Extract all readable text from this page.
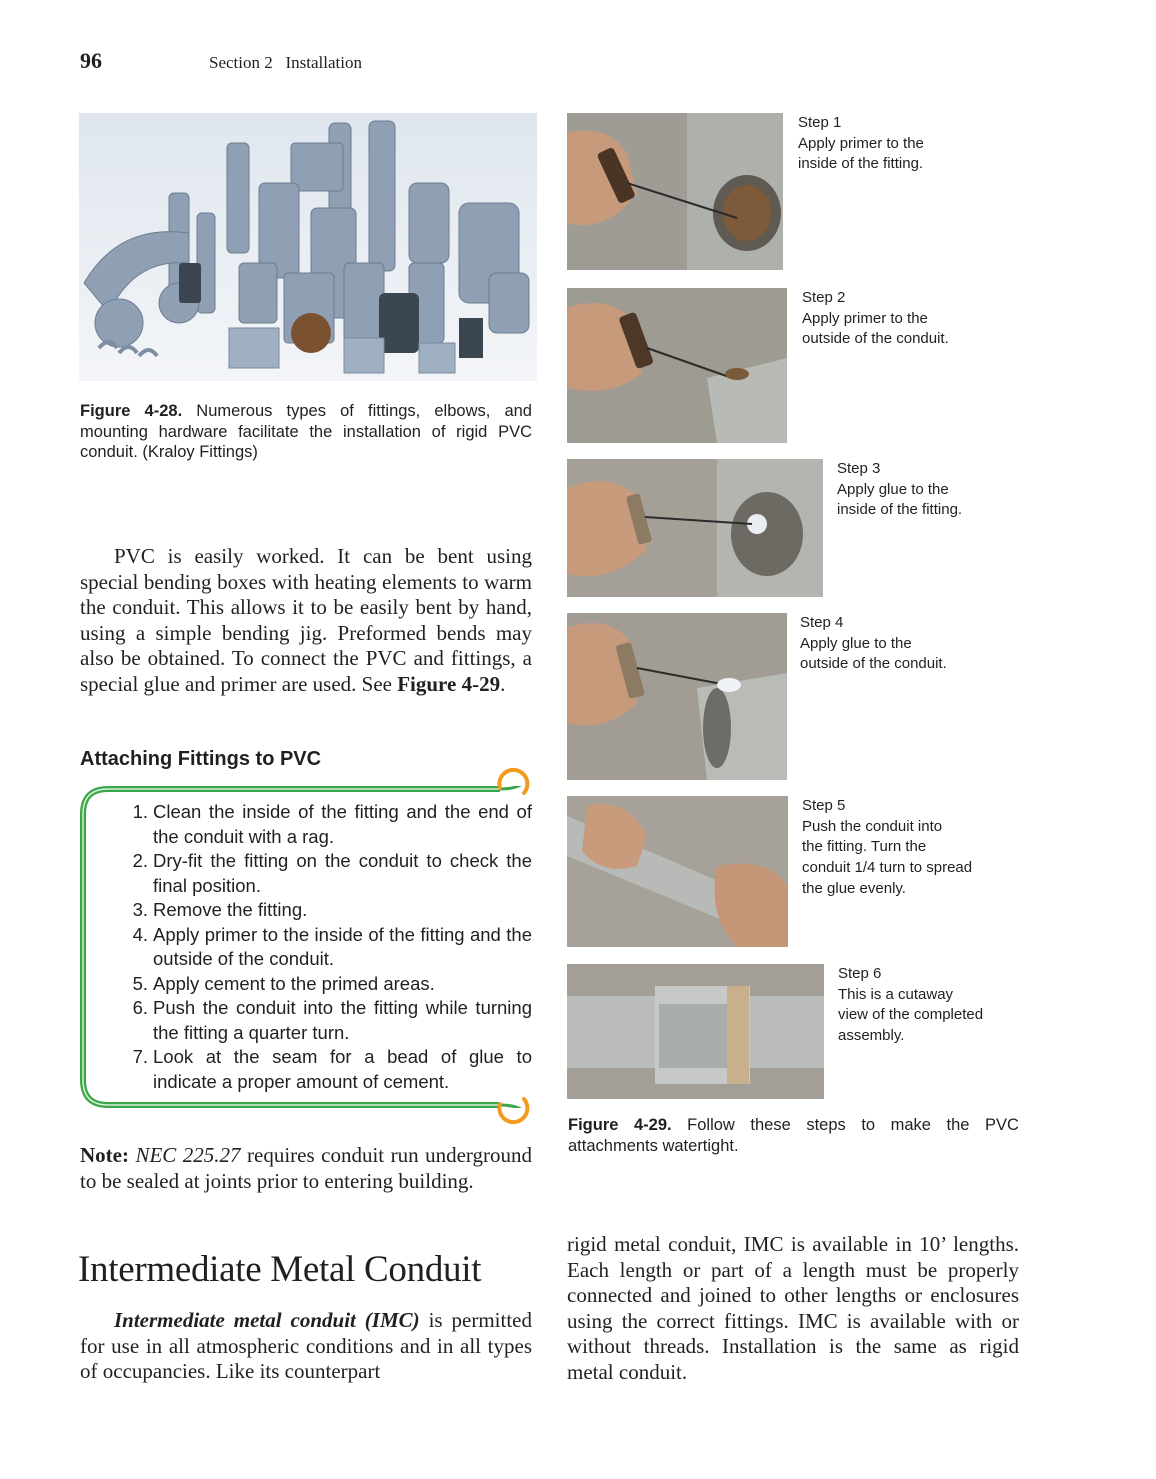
96	Section 2   Installation
Figure 4-28. Numerous types of fittings, elbows, and mounting hardware facilitate the installation of rigid PVC conduit. (Kraloy Fittings)
PVC is easily worked. It can be bent using special bending boxes with heating elements to warm the conduit. This allows it to be easily bent by hand, using a simple bending jig. Preformed bends may also be obtained. To connect the PVC and fittings, a special glue and primer are used. See Figure 4-29.
Attaching Fittings to PVC
1. Clean the inside of the fitting and the end of the conduit with a rag.
2. Dry-fit the fitting on the conduit to check the final position.
3. Remove the fitting.
4. Apply primer to the inside of the fitting and the outside of the conduit.
5. Apply cement to the primed areas.
6. Push the conduit into the fitting while turning the fitting a quarter turn.
7. Look at the seam for a bead of glue to indicate a proper amount of cement.
Note: NEC 225.27 requires conduit run underground to be sealed at joints prior to entering building.
Intermediate Metal Conduit
Intermediate metal conduit (IMC) is permitted for use in all atmospheric conditions and in all types of occupancies. Like its counterpart
rigid metal conduit, IMC is available in 10’ lengths. Each length or part of a length must be properly connected and joined to other lengths or enclosures using the correct fittings. IMC is available with or without threads. Installation is the same as rigid metal conduit.
Step 1
Apply primer to the
inside of the fitting.
Step 2
Apply primer to the
outside of the conduit.
Step 3
Apply glue to the
inside of the fitting.
Step 4
Apply glue to the
outside of the conduit.
Step 5
Push the conduit into
the fitting. Turn the
conduit 1/4 turn to spread
the glue evenly.
Step 6
This is a cutaway
view of the completed
assembly.
Figure 4-29. Follow these steps to make the PVC attachments watertight.
